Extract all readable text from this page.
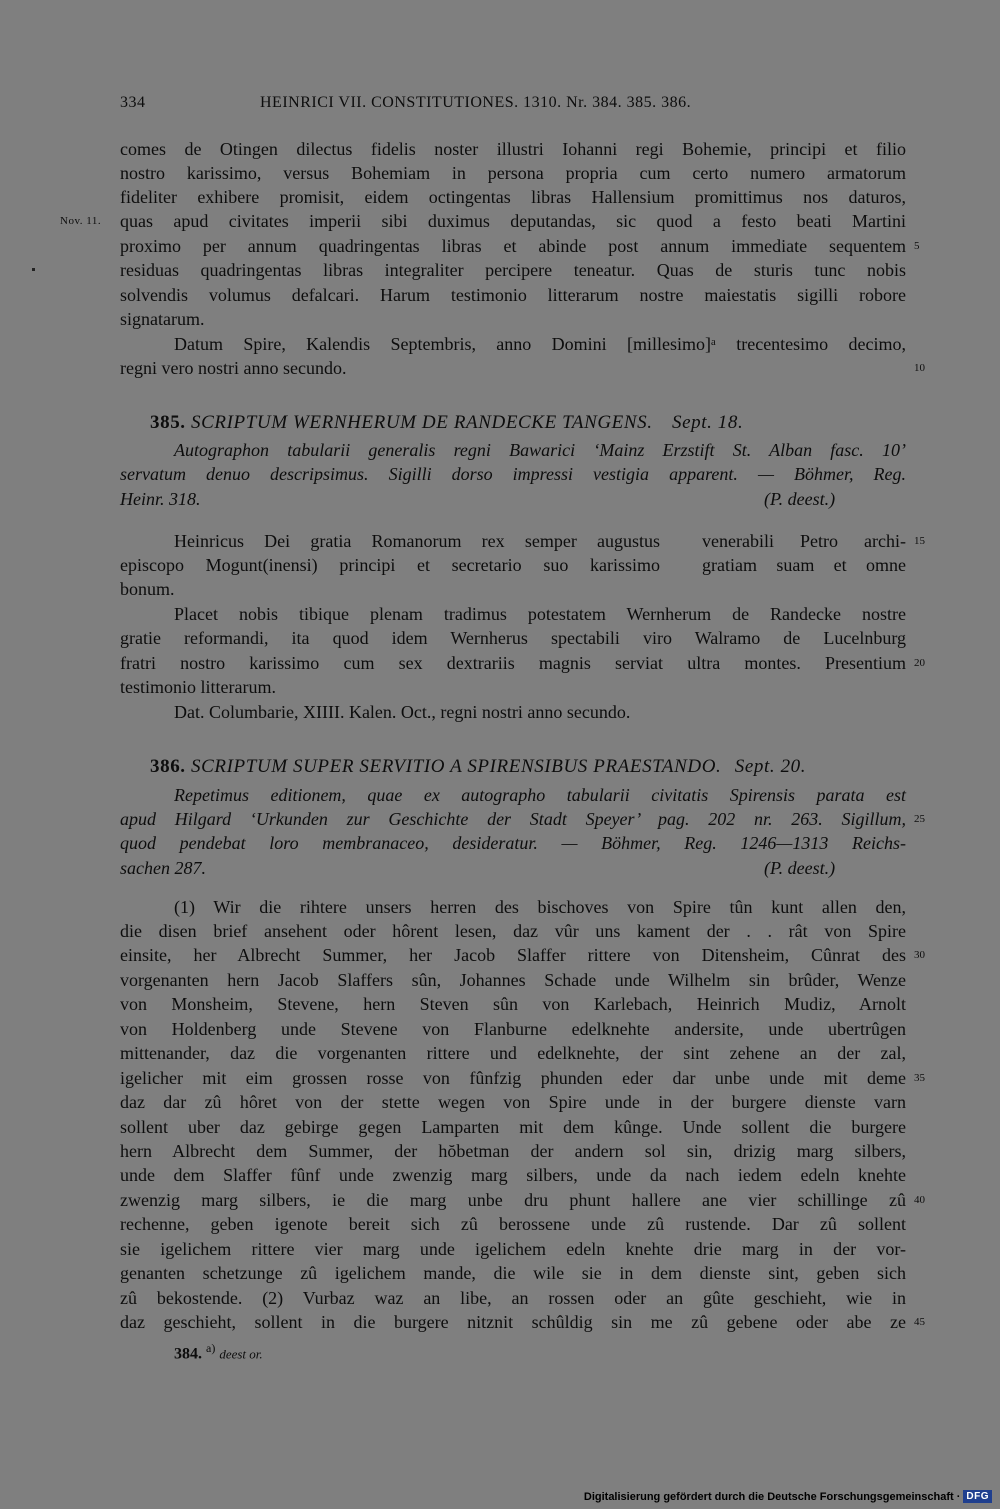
334	HEINRICI VII. CONSTITUTIONES. 1310. Nr. 384. 385. 386.
comes de Otingen dilectus fidelis noster illustri Iohanni regi Bohemie, principi et filio
nostro karissimo, versus Bohemiam in persona propria cum certo numero armatorum
fideliter exhibere promisit, eidem octingentas libras Hallensium promittimus nos daturos,
Nov. 11. quas apud civitates imperii sibi duximus deputandas, sic quod a festo beati Martini
proximo per annum quadringentas libras et abinde post annum immediate sequentem 5
residuas quadringentas libras integraliter percipere teneatur. Quas de sturis tunc nobis
solvendis volumus defalcari. Harum testimonio litterarum nostre maiestatis sigilli robore
signatarum.
Datum Spire, Kalendis Septembris, anno Domini [millesimo]ᵃ trecentesimo decimo,
regni vero nostri anno secundo.	10
385. SCRIPTUM WERNHERUM DE RANDECKE TANGENS. Sept. 18.
Autographon tabularii generalis regni Bawarici ‘Mainz Erzstift St. Alban fasc. 10’
servatum denuo descripsimus. Sigilli dorso impressi vestigia apparent. — Böhmer, Reg.
Heinr. 318.	(P. deest.)
Heinricus Dei gratia Romanorum rex semper augustus venerabili Petro archi- 15
episcopo Mogunt(inensi) principi et secretario suo karissimo gratiam suam et omne
bonum.
Placet nobis tibique plenam tradimus potestatem Wernherum de Randecke nostre
gratie reformandi, ita quod idem Wernherus spectabili viro Walramo de Lucelnburg
fratri nostro karissimo cum sex dextrariis magnis serviat ultra montes. Presentium 20
testimonio litterarum.
Dat. Columbarie, XIIII. Kalen. Oct., regni nostri anno secundo.
386. SCRIPTUM SUPER SERVITIO A SPIRENSIBUS PRAESTANDO. Sept. 20.
Repetimus editionem, quae ex autographo tabularii civitatis Spirensis parata est
apud Hilgard ‘Urkunden zur Geschichte der Stadt Speyer’ pag. 202 nr. 263. Sigillum, 25
quod pendebat loro membranaceo, desideratur. — Böhmer, Reg. 1246—1313 Reichs-
sachen 287.	(P. deest.)
(1) Wir die rihtere unsers herren des bischoves von Spire tûn kunt allen den,
die disen brief ansehent oder hôrent lesen, daz vûr uns kament der . . rât von Spire
einsite, her Albrecht Summer, her Jacob Slaffer rittere von Ditensheim, Cûnrat des 30
vorgenanten hern Jacob Slaffers sûn, Johannes Schade unde Wilhelm sin brûder, Wenze
von Monsheim, Stevene, hern Steven sûn von Karlebach, Heinrich Mudiz, Arnolt
von Holdenberg unde Stevene von Flanburne edelknehte andersite, unde ubertrûgen
mittenander, daz die vorgenanten rittere und edelknehte, der sint zehene an der zal,
igelicher mit eim grossen rosse von fûnfzig phunden eder dar unbe unde mit deme 35
daz dar zû hôret von der stette wegen von Spire unde in der burgere dienste varn
sollent uber daz gebirge gegen Lamparten mit dem kûnge. Unde sollent die burgere
hern Albrecht dem Summer, der hŏbetman der andern sol sin, drizig marg silbers,
unde dem Slaffer fûnf unde zwenzig marg silbers, unde da nach iedem edeln knehte
zwenzig marg silbers, ie die marg unbe dru phunt hallere ane vier schillinge zû 40
rechenne, geben igenote bereit sich zû berossene unde zû rustende. Dar zû sollent
sie igelichem rittere vier marg unde igelichem edeln knehte drie marg in der vor-
genanten schetzunge zû igelichem mande, die wile sie in dem dienste sint, geben sich
zû bekostende. (2) Vurbaz waz an libe, an rossen oder an gûte geschieht, wie in
daz geschieht, sollent in die burgere nitznit schûldig sin me zû gebene oder abe ze 45
384. $^{a)}$ deest or.
Digitalisierung gefördert durch die Deutsche Forschungsgemeinschaft · DFG
